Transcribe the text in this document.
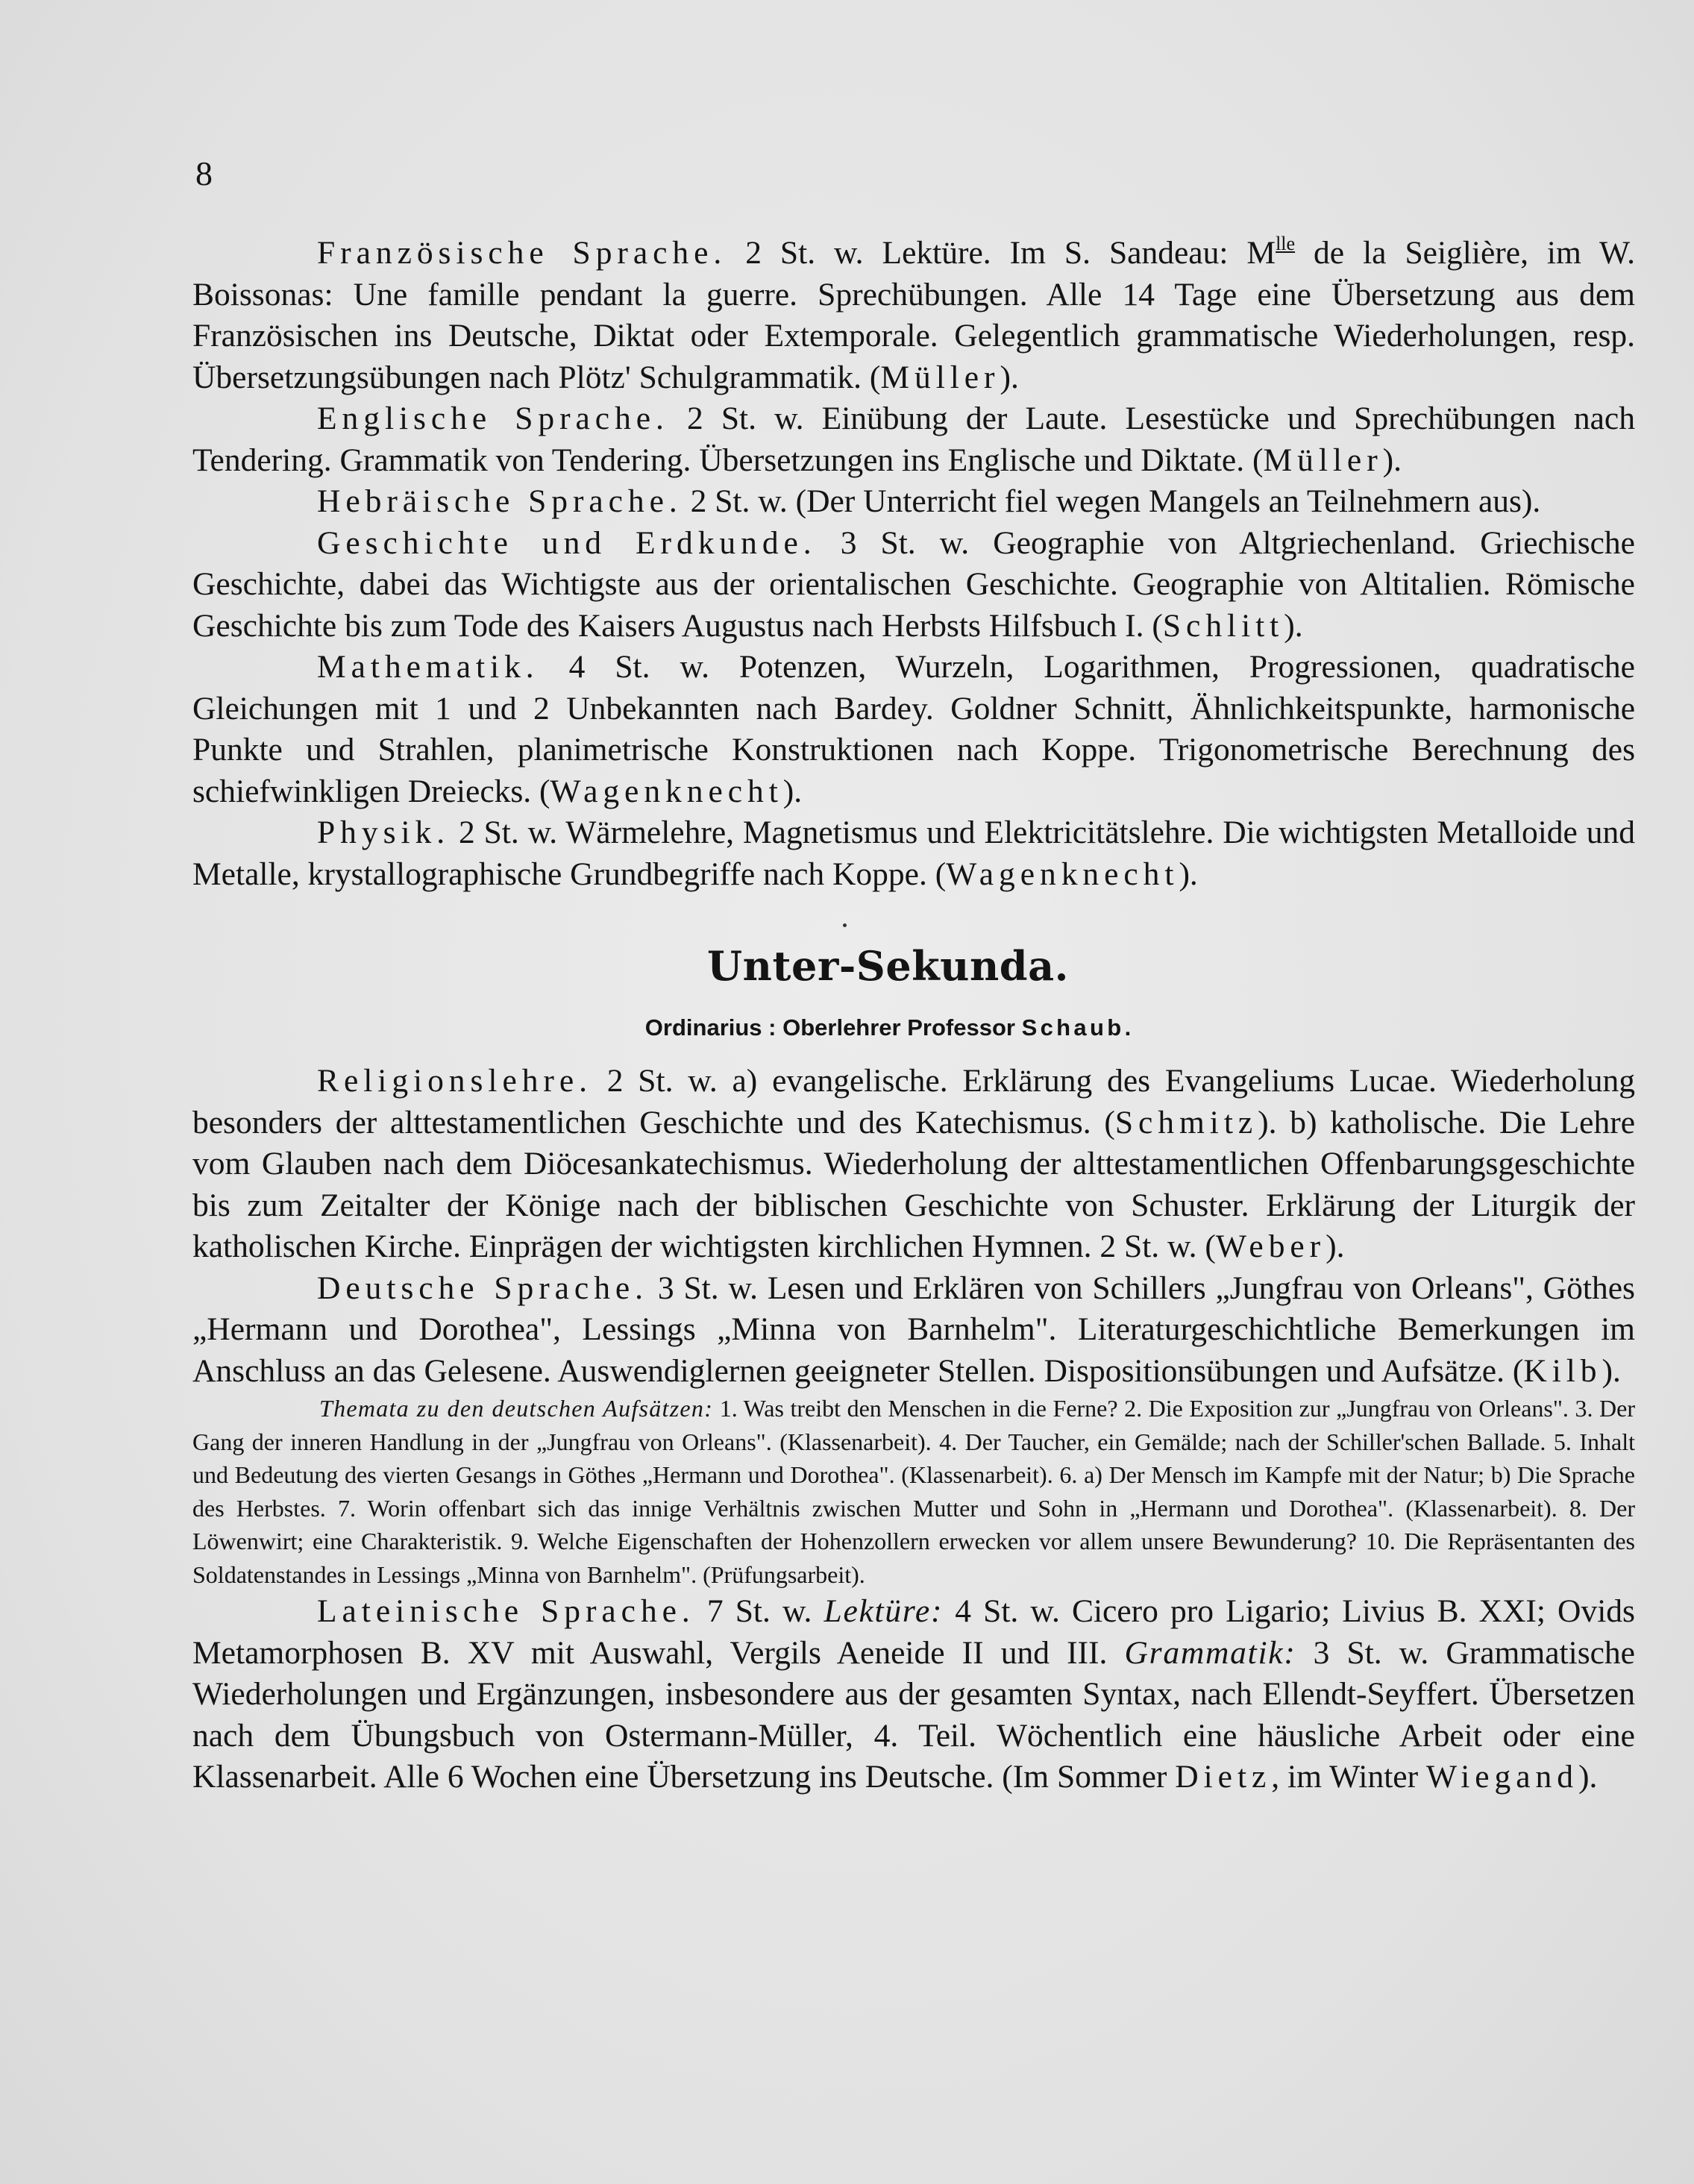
8

Französische Sprache. 2 St. w. Lektüre. Im S. Sandeau: $M^{lle}$ de la Seiglière, im W. Boissonas: Une famille pendant la guerre. Sprechübungen. Alle 14 Tage eine Übersetzung aus dem Französischen ins Deutsche, Diktat oder Extemporale. Gelegentlich grammatische Wiederholungen, resp. Übersetzungsübungen nach Plötz' Schulgrammatik. (Müller).

Englische Sprache. 2 St. w. Einübung der Laute. Lesestücke und Sprechübungen nach Tendering. Grammatik von Tendering. Übersetzungen ins Englische und Diktate. (Müller).

Hebräische Sprache. 2 St. w. (Der Unterricht fiel wegen Mangels an Teilnehmern aus).

Geschichte und Erdkunde. 3 St. w. Geographie von Altgriechenland. Griechische Geschichte, dabei das Wichtigste aus der orientalischen Geschichte. Geographie von Altitalien. Römische Geschichte bis zum Tode des Kaisers Augustus nach Herbsts Hilfsbuch I. (Schlitt).

Mathematik. 4 St. w. Potenzen, Wurzeln, Logarithmen, Progressionen, quadratische Gleichungen mit 1 und 2 Unbekannten nach Bardey. Goldner Schnitt, Ähnlichkeitspunkte, harmonische Punkte und Strahlen, planimetrische Konstruktionen nach Koppe. Trigonometrische Berechnung des schiefwinkligen Dreiecks. (Wagenknecht).

Physik. 2 St. w. Wärmelehre, Magnetismus und Elektricitätslehre. Die wichtigsten Metalloide und Metalle, krystallographische Grundbegriffe nach Koppe. (Wagenknecht).

Unter-Sekunda.
Ordinarius : Oberlehrer Professor Schaub.

Religionslehre. 2 St. w. a) evangelische. Erklärung des Evangeliums Lucae. Wiederholung besonders der alttestamentlichen Geschichte und des Katechismus. (Schmitz). b) katholische. Die Lehre vom Glauben nach dem Diöcesankatechismus. Wiederholung der alttestamentlichen Offenbarungsgeschichte bis zum Zeitalter der Könige nach der biblischen Geschichte von Schuster. Erklärung der Liturgik der katholischen Kirche. Einprägen der wichtigsten kirchlichen Hymnen. 2 St. w. (Weber).

Deutsche Sprache. 3 St. w. Lesen und Erklären von Schillers „Jungfrau von Orleans", Göthes „Hermann und Dorothea", Lessings „Minna von Barnhelm". Literaturgeschichtliche Bemerkungen im Anschluss an das Gelesene. Auswendiglernen geeigneter Stellen. Dispositionsübungen und Aufsätze. (Kilb).

Themata zu den deutschen Aufsätzen: 1. Was treibt den Menschen in die Ferne? 2. Die Exposition zur „Jungfrau von Orleans". 3. Der Gang der inneren Handlung in der „Jungfrau von Orleans". (Klassenarbeit). 4. Der Taucher, ein Gemälde; nach der Schiller'schen Ballade. 5. Inhalt und Bedeutung des vierten Gesangs in Göthes „Hermann und Dorothea". (Klassenarbeit). 6. a) Der Mensch im Kampfe mit der Natur; b) Die Sprache des Herbstes. 7. Worin offenbart sich das innige Verhältnis zwischen Mutter und Sohn in „Hermann und Dorothea". (Klassenarbeit). 8. Der Löwenwirt; eine Charakteristik. 9. Welche Eigenschaften der Hohenzollern erwecken vor allem unsere Bewunderung? 10. Die Repräsentanten des Soldatenstandes in Lessings „Minna von Barnhelm". (Prüfungsarbeit).

Lateinische Sprache. 7 St. w. Lektüre: 4 St. w. Cicero pro Ligario; Livius B. XXI; Ovids Metamorphosen B. XV mit Auswahl, Vergils Aeneide II und III. Grammatik: 3 St. w. Grammatische Wiederholungen und Ergänzungen, insbesondere aus der gesamten Syntax, nach Ellendt-Seyffert. Übersetzen nach dem Übungsbuch von Ostermann-Müller, 4. Teil. Wöchentlich eine häusliche Arbeit oder eine Klassenarbeit. Alle 6 Wochen eine Übersetzung ins Deutsche. (Im Sommer Dietz, im Winter Wiegand).
